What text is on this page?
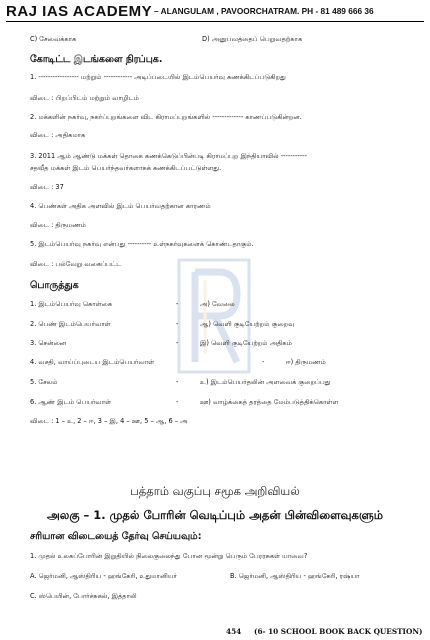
RAJ IAS ACADEMY – ALANGULAM , PAVOORCHATRAM. PH - 81 489 666 36
C) சேவைக்காக	D) அனுபவத்தைப் பெறுவதற்காக
கோடிட்ட இடங்களை நிரப்புக.
1. ----------------- மற்றும் ------------ அடிப்படையில் இடம்பெயர்வு கணக்கிடப்படுகிறது
விடை : பிறப்பிடம் மற்றும் வாழிடம்
2. மக்களின் நகர்வு, நகர்ப்புறங்களை விட கிராமப்புறங்களில் ------------- காணப்படுகின்றன.
விடை : அதிகமாக
3. 2011 ஆம் ஆண்டு மக்கள் தொகை கணக்கெடுப்பின்படி கிராமப்புற இந்தியாவில் -----------
சதவீத மக்கள் இடம் பெயர்ந்தவர்களாகக் கணக்கிடப்பட்டுள்ளது.
விடை : 37
4. பெண்கள் அதிக அளவில் இடம் பெயர்வதற்கான காரணம்
விடை : திருமணம்
5. இடம்பெயர்வு நகர்வு என்பது ---------- உள்நகர்வுகளைக் கொண்டதாகும்.
விடை : பல்வேறு வகைப்பட்ட
பொருத்துக
1. இடம்பெயர்வு கொள்கை	-	அ) வேலை
2. பெண் இடம்பெயர்வாள்	-	ஆ) வெளி குடியேற்றம் குறைவு
3. சென்னை	-	இ) வெளி குடியேற்றம் அதிகம்
4. வசதி, வாய்ப்புடைய இடம்பெயர்வாள்	-	ஈ) திருமணம்
5. சேலம்	-	உ) இடம்பெயர்தலின் அளவைக் குறைப்பது
6. ஆண் இடம் பெயர்வாள்	-	ஊ) வாழ்க்கைத் தரத்தை மேம்படுத்திக்கொள்ள
விடை : 1 – உ, 2 – ஈ, 3 – இ, 4 – ஊ, 5 – ஆ, 6 – அ
பத்தாம் வகுப்பு சமூக அறிவியல்
அலகு – 1. முதல் போரின் வெடிப்பும் அதன் பின்விளைவுகளும்
சரியான விடையைத் தேர்வு செய்யவும்:
1. முதல் உலகப்போரின் இறுதியில் நிலைகுலைந்து போன மூன்று பெரும் பேரரசுகள் யாவை?
A. ஜெர்மனி, ஆஸ்திரிய - ஹங்கேரி, உதுமானியர்	B. ஜெர்மனி, ஆஸ்திரிய - ஹங்கேரி, ரஷ்யா
C. ஸ்பெயின், போர்ச்சுகல், இத்தாலி
454 (6- 10 SCHOOL BOOK BACK QUESTION)
